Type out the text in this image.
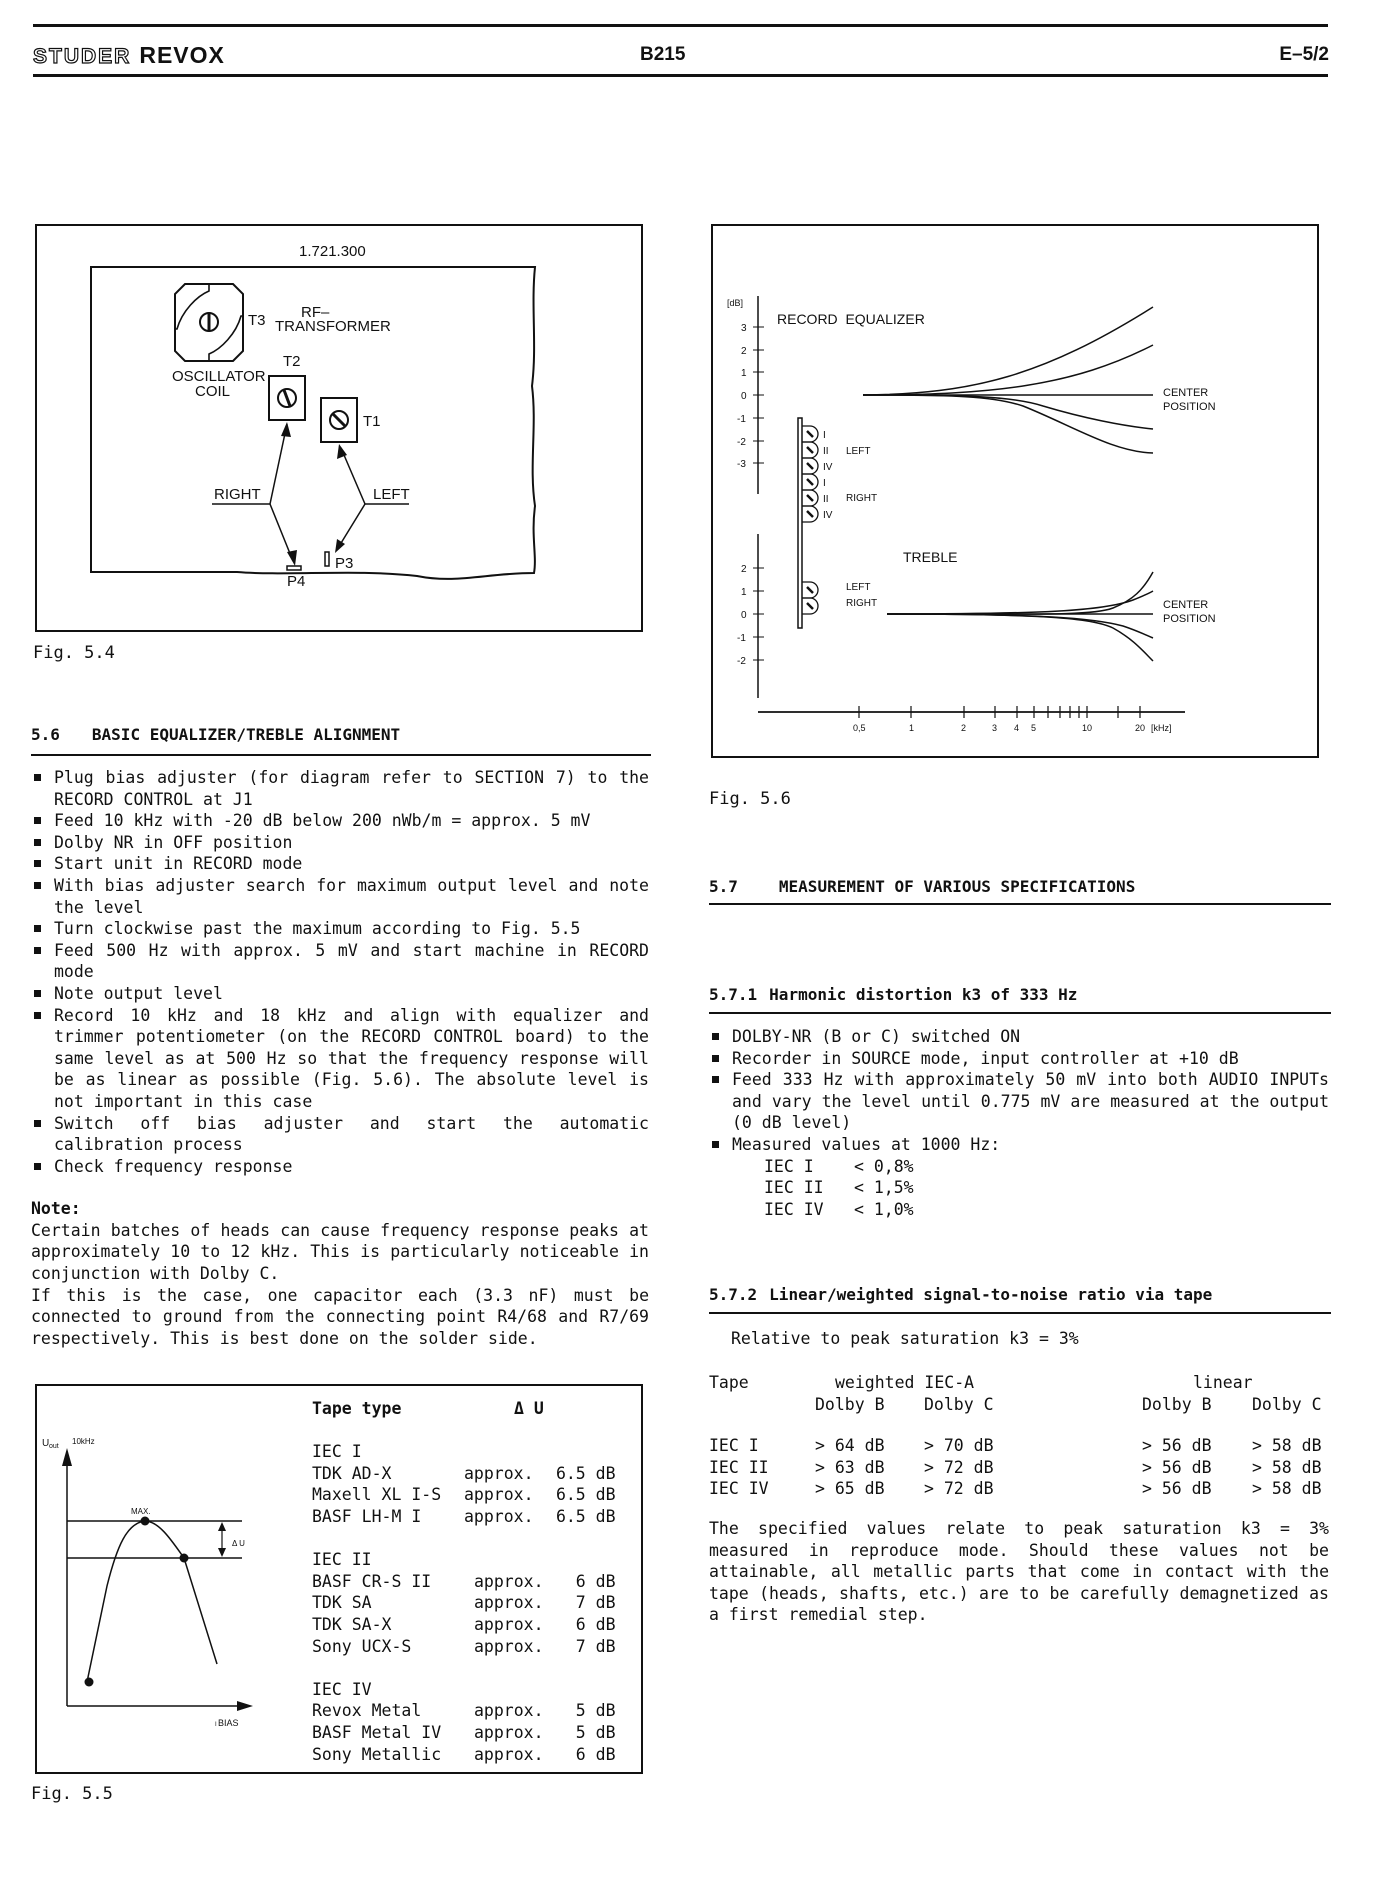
STUDER REVOX	B215	E–5/2
1.721.300
T3 RF–
TRANSFORMER
OSCILLATOR
COIL
T2
T1
RIGHT
P4
LEFT
P3
Fig. 5.4
[dB]
3
2
1
0
-1
-2
-3
RECORD  EQUALIZER
CENTER
POSITION
I
II
IV
I
II
IV
LEFT
RIGHT
2
1
0
-1
-2
TREBLE
LEFT
RIGHT	CENTER
POSITION
0,5	1	2	3 4 5	10	20 [kHz]
Fig. 5.6
5.6 BASIC EQUALIZER/TREBLE ALIGNMENT
Plug bias adjuster (for diagram refer to SECTION 7) to the RECORD CONTROL at J1
Feed 10 kHz with -20 dB below 200 nWb/m = approx. 5 mV
Dolby NR in OFF position
Start unit in RECORD mode
With bias adjuster search for maximum output level and note the level
Turn clockwise past the maximum according to Fig. 5.5
Feed 500 Hz with approx. 5 mV and start machine in RECORD mode
Note output level
Record 10 kHz and 18 kHz and align with equalizer and trimmer potentiometer (on the RECORD CONTROL board) to the same level as at 500 Hz so that the frequency response will be as linear as possible (Fig. 5.6). The absolute level is not important in this case
Switch off bias adjuster and start the automatic calibration process
Check frequency response
Note:
Certain batches of heads can cause frequency response peaks at approximately 10 to 12 kHz. This is particularly noticeable in conjunction with Dolby C.
If this is the case, one capacitor each (3.3 nF) must be connected to ground from the connecting point R4/68 and R7/69 respectively. This is best done on the solder side.
U out
10kHz
I BIAS
MAX.
Δ U
Tape type	Δ U	

IEC I		
TDK AD-X	approx.	6.5 dB
Maxell XL I-S	approx.	6.5 dB
BASF LH-M I	approx.	6.5 dB

IEC II		
BASF CR-S II	approx.	6 dB
TDK SA	approx.	7 dB
TDK SA-X	approx.	6 dB
Sony UCX-S	approx.	7 dB

IEC IV		
Revox Metal	approx.	5 dB
BASF Metal IV	approx.	5 dB
Sony Metallic	approx.	6 dB
Fig. 5.5
5.7	MEASUREMENT OF VARIOUS SPECIFICATIONS
5.7.1 Harmonic distortion k3 of 333 Hz
DOLBY-NR (B or C) switched ON
Recorder in SOURCE mode, input controller at +10 dB
Feed 333 Hz with approximately 50 mV into both AUDIO INPUTs and vary the level until 0.775 mV are measured at the output (0 dB level)
Measured values at 1000 Hz:
IEC I	< 0,8%
IEC II	< 1,5%
IEC IV	< 1,0%
5.7.2 Linear/weighted signal-to-noise ratio via tape
Relative to peak saturation k3 = 3%
Tape	weighted IEC-A	linear
Dolby B Dolby C	Dolby B Dolby C
IEC I	> 64 dB > 70 dB	> 56 dB > 58 dB
IEC II	> 63 dB > 72 dB	> 56 dB > 58 dB
IEC IV	> 65 dB > 72 dB	> 56 dB > 58 dB
The specified values relate to peak saturation k3 = 3% measured in reproduce mode. Should these values not be attainable, all metallic parts that come in contact with the tape (heads, shafts, etc.) are to be carefully demagnetized as a first remedial step.
